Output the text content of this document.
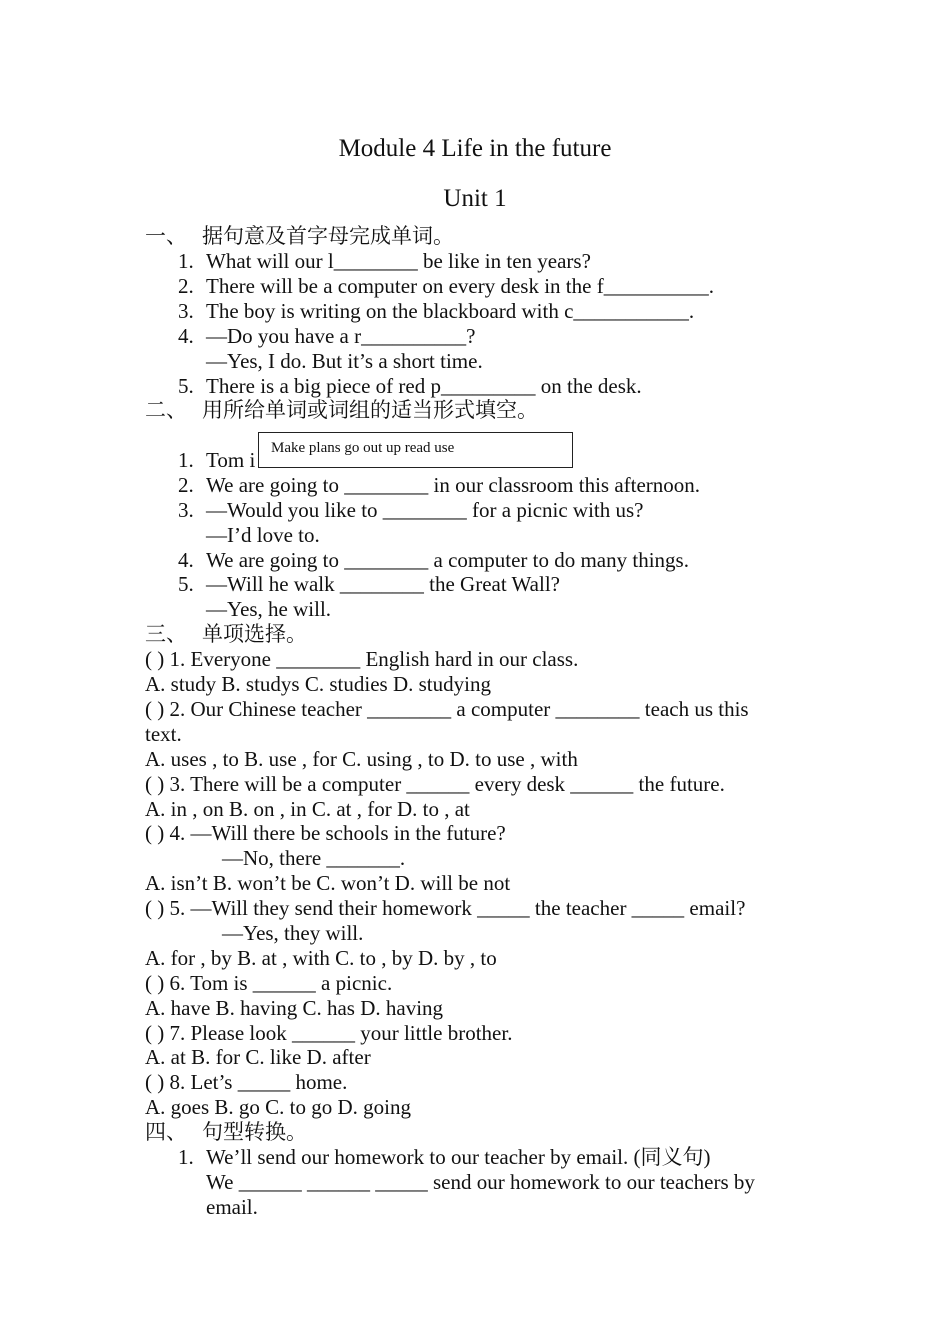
Module 4 Life in the future
Unit 1
一、 据句意及首字母完成单词。
1. What will our l________ be like in ten years?
2. There will be a computer on every desk in the f__________.
3. The boy is writing on the blackboard with c___________.
4. —Do you have a r__________?
—Yes, I do. But it’s a short time.
5. There is a big piece of red p_________ on the desk.
二、 用所给单词或词组的适当形式填空。
1. Tom i	Make plans go out up read use
2. We are going to ________ in our classroom this afternoon.
3. —Would you like to ________ for a picnic with us?
—I’d love to.
4. We are going to ________ a computer to do many things.
5. —Will he walk ________ the Great Wall?
—Yes, he will.
三、 单项选择。
( ) 1. Everyone ________ English hard in our class.
A. study B. studys C. studies D. studying
( ) 2. Our Chinese teacher ________ a computer ________ teach us this
text.
A. uses , to B. use , for C. using , to D. to use , with
( ) 3. There will be a computer ______ every desk ______ the future.
A. in , on B. on , in C. at , for D. to , at
( ) 4. —Will there be schools in the future?
—No, there _______.
A. isn’t B. won’t be C. won’t D. will be not
( ) 5. —Will they send their homework _____ the teacher _____ email?
—Yes, they will.
A. for , by B. at , with C. to , by D. by , to
( ) 6. Tom is ______ a picnic.
A. have B. having C. has D. having
( ) 7. Please look ______ your little brother.
A. at B. for C. like D. after
( ) 8. Let’s _____ home.
A. goes B. go C. to go D. going
四、 句型转换。
1. We’ll send our homework to our teacher by email. (同义句)
We ______ ______ _____ send our homework to our teachers by
email.
